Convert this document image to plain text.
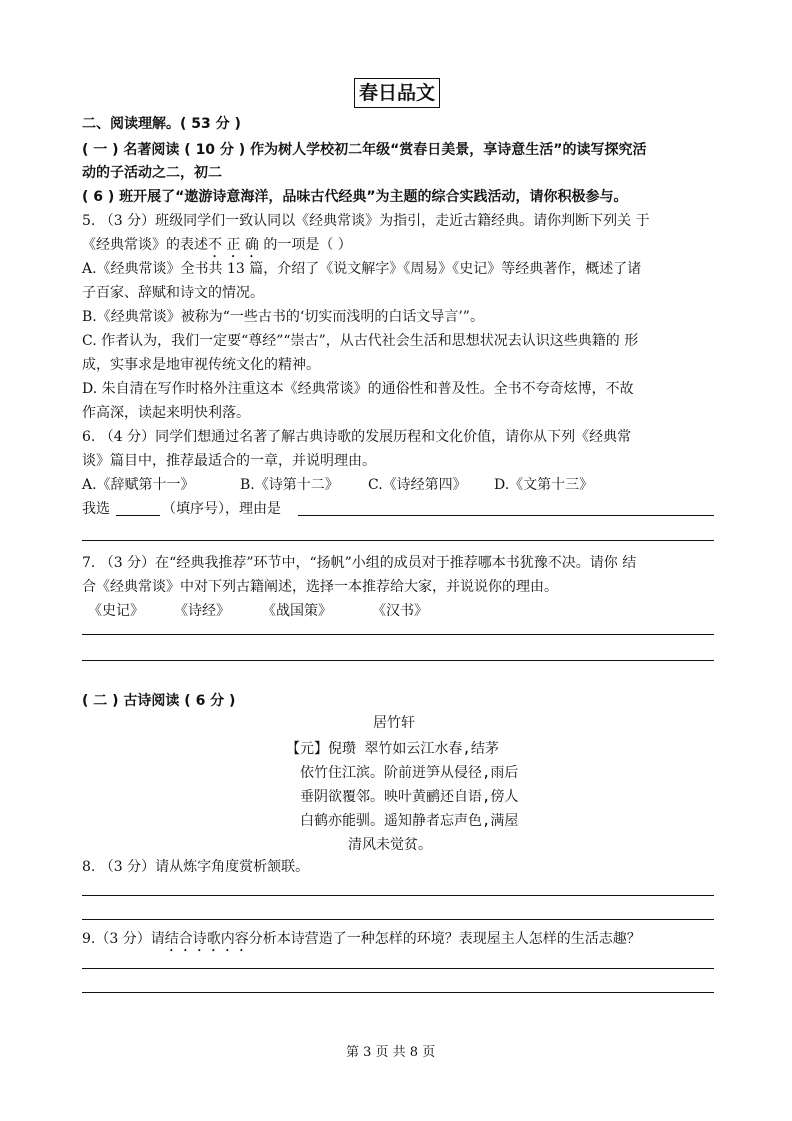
春日品文
二、阅读理解。( 53 分 )
( 一 ) 名著阅读 ( 10 分 ) 作为树人学校初二年级“赏春日美景，享诗意生活”的读写探究活
动的子活动之二，初二
( 6 ) 班开展了“遨游诗意海洋，品味古代经典”为主题的综合实践活动，请你积极参与。
5. （3 分）班级同学们一致认同以《经典常谈》为指引，走近古籍经典。请你判断下列关 于
《经典常谈》的表述不 正 确 的一项是（ ）
A.《经典常谈》全书共 13 篇，介绍了《说文解字》《周易》《史记》等经典著作，概述了诸
子百家、辞赋和诗文的情况。
B.《经典常谈》被称为“一些古书的‘切实而浅明的白话文导言’”。
C. 作者认为，我们一定要“尊经”“崇古”，从古代社会生活和思想状况去认识这些典籍的 形
成，实事求是地审视传统文化的精神。
D. 朱自清在写作时格外注重这本《经典常谈》的通俗性和普及性。全书不夸奇炫博，不故
作高深，读起来明快利落。
6. （4 分）同学们想通过名著了解古典诗歌的发展历程和文化价值，请你从下列《经典常
谈》篇目中，推荐最适合的一章，并说明理由。
A.《辞赋第十一》	B.《诗第十二》 C.《诗经第四》 D.《文第十三》
我选	（填序号），理由是
7. （3 分）在“经典我推荐”环节中，“扬帆”小组的成员对于推荐哪本书犹豫不决。请你 结
合《经典常谈》中对下列古籍阐述，选择一本推荐给大家，并说说你的理由。
《史记》 《诗经》 《战国策》	《汉书》
( 二 ) 古诗阅读 ( 6 分 )
居竹轩
【元】倪瓒 翠竹如云江水春,结茅
依竹住江滨。阶前迸笋从侵径,雨后
垂阴欲覆邻。映叶黄鹂还自语,傍人
白鹤亦能驯。遥知静者忘声色,满屋
清风未觉贫。
8. （3 分）请从炼字角度赏析颔联。
9.（3 分）请结合诗歌内容分析本诗营造了一种怎样的环境？表现屋主人怎样的生活志趣？
第 3 页 共 8 页
